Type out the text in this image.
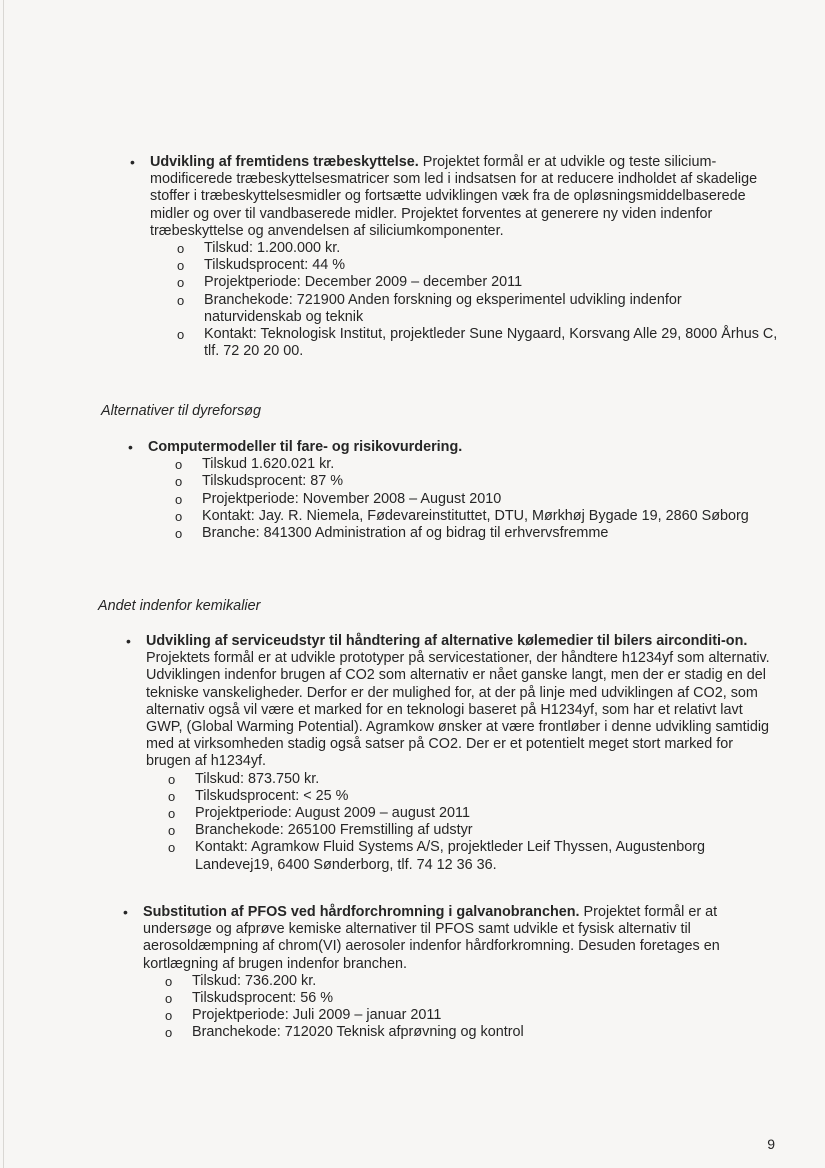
• Udvikling af fremtidens træbeskyttelse. Projektet formål er at udvikle og teste silicium-modificerede træbeskyttelsesmatricer som led i indsatsen for at reducere indholdet af skadelige stoffer i træbeskyttelsesmidler og fortsætte udviklingen væk fra de opløsningsmiddelbaserede midler og over til vandbaserede midler. Projektet forventes at generere ny viden indenfor træbeskyttelse og anvendelsen af siliciumkomponenter.
o Tilskud: 1.200.000 kr.
o Tilskudsprocent: 44 %
o Projektperiode: December 2009 – december 2011
o Branchekode: 721900 Anden forskning og eksperimentel udvikling indenfor naturvidenskab og teknik
o Kontakt: Teknologisk Institut, projektleder Sune Nygaard, Korsvang Alle 29, 8000 Århus C, tlf. 72 20 20 00.
Alternativer til dyreforsøg
• Computermodeller til fare- og risikovurdering.
o Tilskud 1.620.021 kr.
o Tilskudsprocent: 87 %
o Projektperiode: November 2008 – August 2010
o Kontakt: Jay. R. Niemela, Fødevareinstituttet, DTU, Mørkhøj Bygade 19, 2860 Søborg
o Branche: 841300 Administration af og bidrag til erhvervsfremme
Andet indenfor kemikalier
• Udvikling af serviceudstyr til håndtering af alternative kølemedier til bilers airconditi-on. Projektets formål er at udvikle prototyper på servicestationer, der håndtere h1234yf som alternativ. Udviklingen indenfor brugen af CO2 som alternativ er nået ganske langt, men der er stadig en del tekniske vanskeligheder. Derfor er der mulighed for, at der på linje med udviklingen af CO2, som alternativ også vil være et marked for en teknologi baseret på H1234yf, som har et relativt lavt GWP, (Global Warming Potential). Agramkow ønsker at være frontløber i denne udvikling samtidig med at virksomheden stadig også satser på CO2. Der er et potentielt meget stort marked for brugen af h1234yf.
o Tilskud: 873.750 kr.
o Tilskudsprocent: < 25 %
o Projektperiode: August 2009 – august 2011
o Branchekode: 265100 Fremstilling af udstyr
o Kontakt: Agramkow Fluid Systems A/S, projektleder Leif Thyssen, Augustenborg Landevej19, 6400 Sønderborg, tlf. 74 12 36 36.
• Substitution af PFOS ved hårdforchromning i galvanobranchen. Projektet formål er at undersøge og afprøve kemiske alternativer til PFOS samt udvikle et fysisk alternativ til aerosoldæmpning af chrom(VI) aerosoler indenfor hårdforkromning. Desuden foretages en kortlægning af brugen indenfor branchen.
o Tilskud: 736.200 kr.
o Tilskudsprocent: 56 %
o Projektperiode: Juli 2009 – januar 2011
o Branchekode: 712020 Teknisk afprøvning og kontrol
9
